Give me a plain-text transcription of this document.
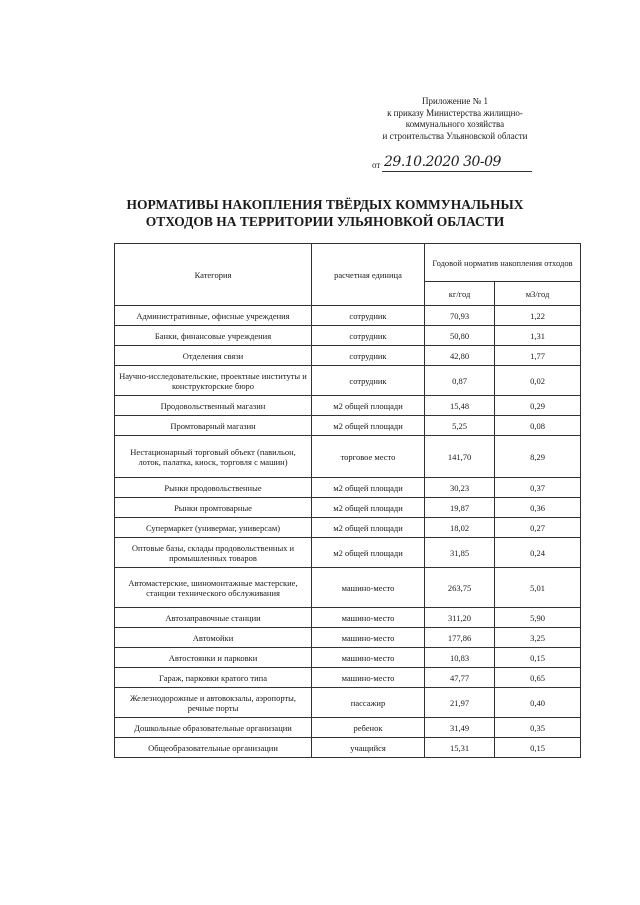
Приложение № 1
к приказу Министерства жилищно-
коммунального хозяйства
и строительства Ульяновской области
от 29.10.2020 30-09
НОРМАТИВЫ НАКОПЛЕНИЯ ТВЁРДЫХ КОММУНАЛЬНЫХ
ОТХОДОВ НА ТЕРРИТОРИИ УЛЬЯНОВКОЙ ОБЛАСТИ
Категория	расчетная единица	Годовой норматив накопления отходов	
		кг/год	м3/год
Административные, офисные учреждения	сотрудник	70,93	1,22
Банки, финансовые учреждения	сотрудник	50,80	1,31
Отделения связи	сотрудник	42,80	1,77
Научно-исследовательские, проектные институты и конструкторские бюро	сотрудник	0,87	0,02
Продовольственный магазин	м2 общей площади	15,48	0,29
Промтоварный магазин	м2 общей площади	5,25	0,08
Нестационарный торговый объект (павильон, лоток, палатка, киоск, торговля с машин)	торговое место	141,70	8,29
Рынки продовольственные	м2 общей площади	30,23	0,37
Рынки промтоварные	м2 общей площади	19,87	0,36
Супермаркет (универмаг, универсам)	м2 общей площади	18,02	0,27
Оптовые базы, склады продовольственных и промышленных товаров	м2 общей площади	31,85	0,24
Автомастерские, шиномонтажные мастерские, станции технического обслуживания	машино-место	263,75	5,01
Автозаправочные станции	машино-место	311,20	5,90
Автомойки	машино-место	177,86	3,25
Автостоянки и парковки	машино-место	10,83	0,15
Гараж, парковки кратого типа	машино-место	47,77	0,65
Железнодорожные и автовокзалы, аэропорты, речные порты	пассажир	21,97	0,40
Дошкольные образовательные организации	ребенок	31,49	0,35
Общеобразовательные организации	учащийся	15,31	0,15
